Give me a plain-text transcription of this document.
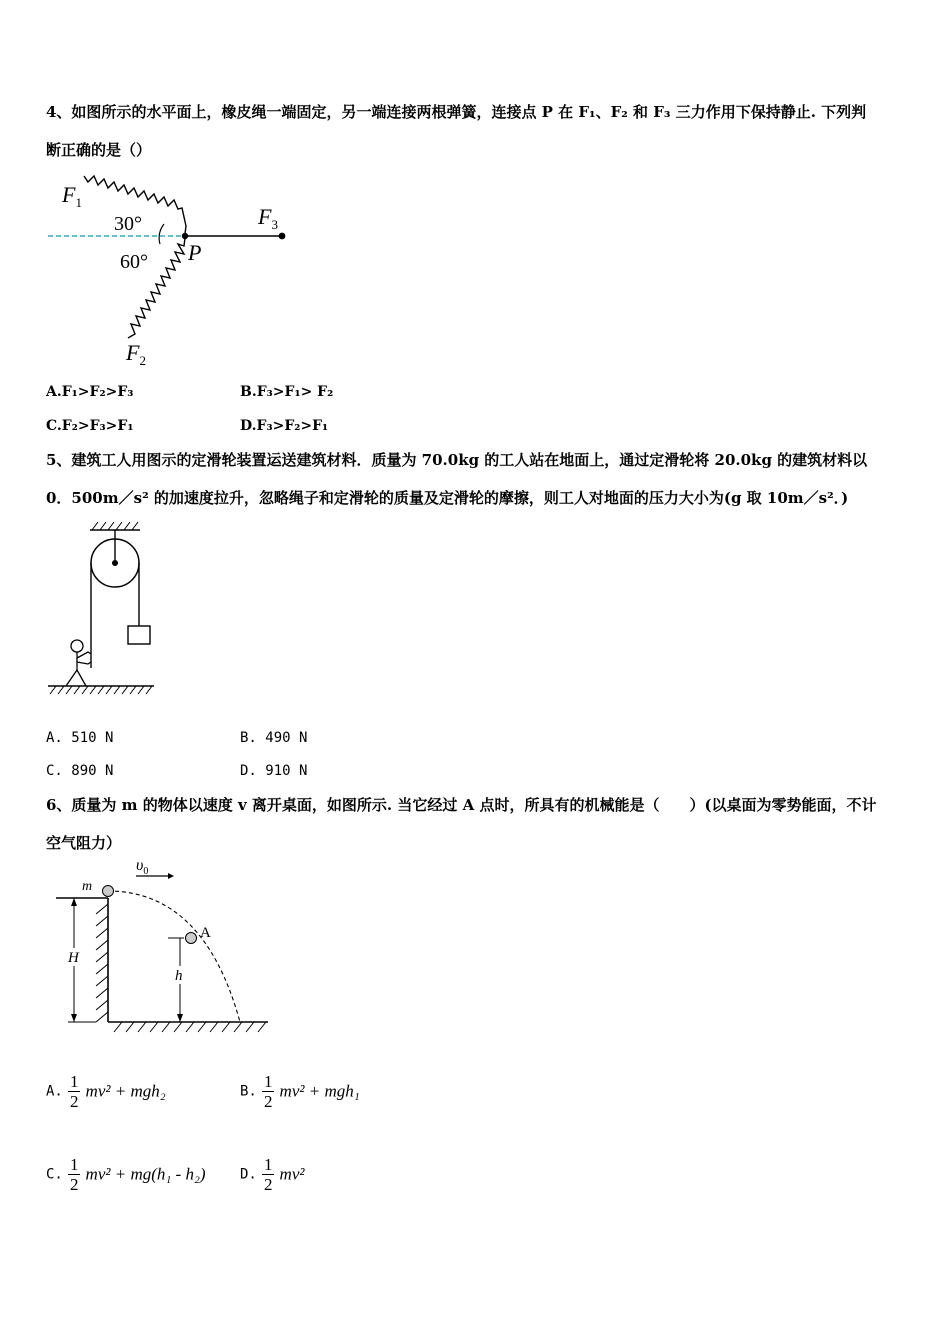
4、如图所示的水平面上，橡皮绳一端固定，另一端连接两根弹簧，连接点 P 在 F₁、F₂ 和 F₃ 三力作用下保持静止. 下列判
断正确的是（）
$F_1$
30°
60° P
$F_3$
$F_2$
A.F₁>F₂>F₃	B.F₃>F₁> F₂
C.F₂>F₃>F₁	D.F₃>F₂>F₁
5、建筑工人用图示的定滑轮装置运送建筑材料．质量为 70.0kg 的工人站在地面上，通过定滑轮将 20.0kg 的建筑材料以
0．500m／s² 的加速度拉升，忽略绳子和定滑轮的质量及定滑轮的摩擦，则工人对地面的压力大小为(g 取 10m／s²．)
A. 510 N	B. 490 N
C. 890 N	D. 910 N
6、质量为 m 的物体以速度 v 离开桌面，如图所示. 当它经过 A 点时，所具有的机械能是（　　）(以桌面为零势能面，不计
空气阻力）
m
$\upsilon_0$
A
H
h
A. $\frac{1}{2} mv^2 + mgh_2$	B. $\frac{1}{2} mv^2 + mgh_1$
C. $\frac{1}{2} mv^2 + mg(h_1 - h_2)$ D. $\frac{1}{2} mv^2$
